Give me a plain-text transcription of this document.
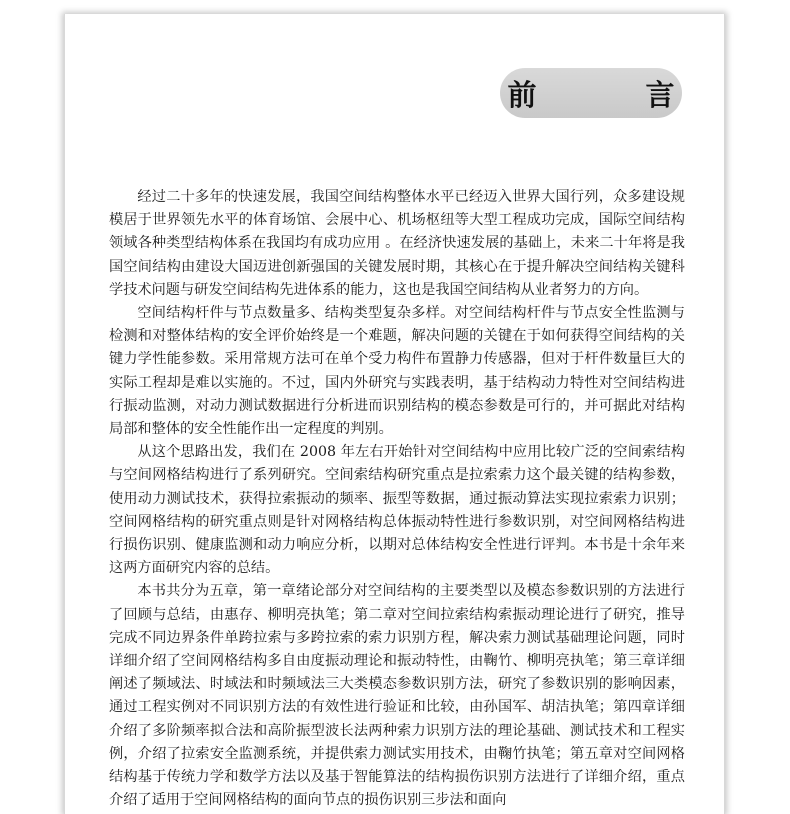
前　言

经过二十多年的快速发展，我国空间结构整体水平已经迈入世界大国行列，众多建设规模居于世界领先水平的体育场馆、会展中心、机场枢纽等大型工程成功完成，国际空间结构领域各种类型结构体系在我国均有成功应用 。在经济快速发展的基础上，未来二十年将是我国空间结构由建设大国迈进创新强国的关键发展时期，其核心在于提升解决空间结构关键科学技术问题与研发空间结构先进体系的能力，这也是我国空间结构从业者努力的方向。

空间结构杆件与节点数量多、结构类型复杂多样。对空间结构杆件与节点安全性监测与检测和对整体结构的安全评价始终是一个难题，解决问题的关键在于如何获得空间结构的关键力学性能参数。采用常规方法可在单个受力构件布置静力传感器，但对于杆件数量巨大的实际工程却是难以实施的。不过，国内外研究与实践表明，基于结构动力特性对空间结构进行振动监测，对动力测试数据进行分析进而识别结构的模态参数是可行的，并可据此对结构局部和整体的安全性能作出一定程度的判别。

从这个思路出发，我们在 2008 年左右开始针对空间结构中应用比较广泛的空间索结构与空间网格结构进行了系列研究。空间索结构研究重点是拉索索力这个最关键的结构参数，使用动力测试技术，获得拉索振动的频率、振型等数据，通过振动算法实现拉索索力识别；空间网格结构的研究重点则是针对网格结构总体振动特性进行参数识别，对空间网格结构进行损伤识别、健康监测和动力响应分析，以期对总体结构安全性进行评判。本书是十余年来这两方面研究内容的总结。

本书共分为五章，第一章绪论部分对空间结构的主要类型以及模态参数识别的方法进行了回顾与总结，由惠存、柳明亮执笔；第二章对空间拉索结构索振动理论进行了研究，推导完成不同边界条件单跨拉索与多跨拉索的索力识别方程，解决索力测试基础理论问题，同时详细介绍了空间网格结构多自由度振动理论和振动特性，由鞠竹、柳明亮执笔；第三章详细阐述了频域法、时域法和时频域法三大类模态参数识别方法，研究了参数识别的影响因素，通过工程实例对不同识别方法的有效性进行验证和比较，由孙国军、胡洁执笔；第四章详细介绍了多阶频率拟合法和高阶振型波长法两种索力识别方法的理论基础、测试技术和工程实例，介绍了拉索安全监测系统，并提供索力测试实用技术，由鞠竹执笔；第五章对空间网格结构基于传统力学和数学方法以及基于智能算法的结构损伤识别方法进行了详细介绍，重点介绍了适用于空间网格结构的面向节点的损伤识别三步法和面向
